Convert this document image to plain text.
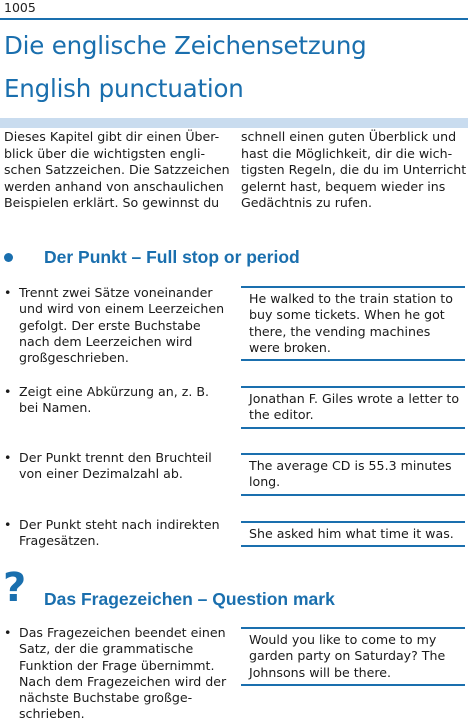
1005
Die englische Zeichensetzung
English punctuation
Dieses Kapitel gibt dir einen Über-
blick über die wichtigsten engli-
schen Satzzeichen. Die Satzzeichen
werden anhand von anschaulichen
Beispielen erklärt. So gewinnst du
schnell einen guten Überblick und
hast die Möglichkeit, dir die wich-
tigsten Regeln, die du im Unterricht
gelernt hast, bequem wieder ins
Gedächtnis zu rufen.
Der Punkt – Full stop or period
• Trennt zwei Sätze voneinander
und wird von einem Leerzeichen
gefolgt. Der erste Buchstabe
nach dem Leerzeichen wird
großgeschrieben.
He walked to the train station to
buy some tickets. When he got
there, the vending machines
were broken.
• Zeigt eine Abkürzung an, z. B.
bei Namen.
Jonathan F. Giles wrote a letter to
the editor.
• Der Punkt trennt den Bruchteil
von einer Dezimalzahl ab.
The average CD is 55.3 minutes
long.
• Der Punkt steht nach indirekten
Fragesätzen.	She asked him what time it was.
? Das Fragezeichen – Question mark
• Das Fragezeichen beendet einen
Satz, der die grammatische
Funktion der Frage übernimmt.
Nach dem Fragezeichen wird der
nächste Buchstabe großge-
schrieben.
Would you like to come to my
garden party on Saturday? The
Johnsons will be there.
